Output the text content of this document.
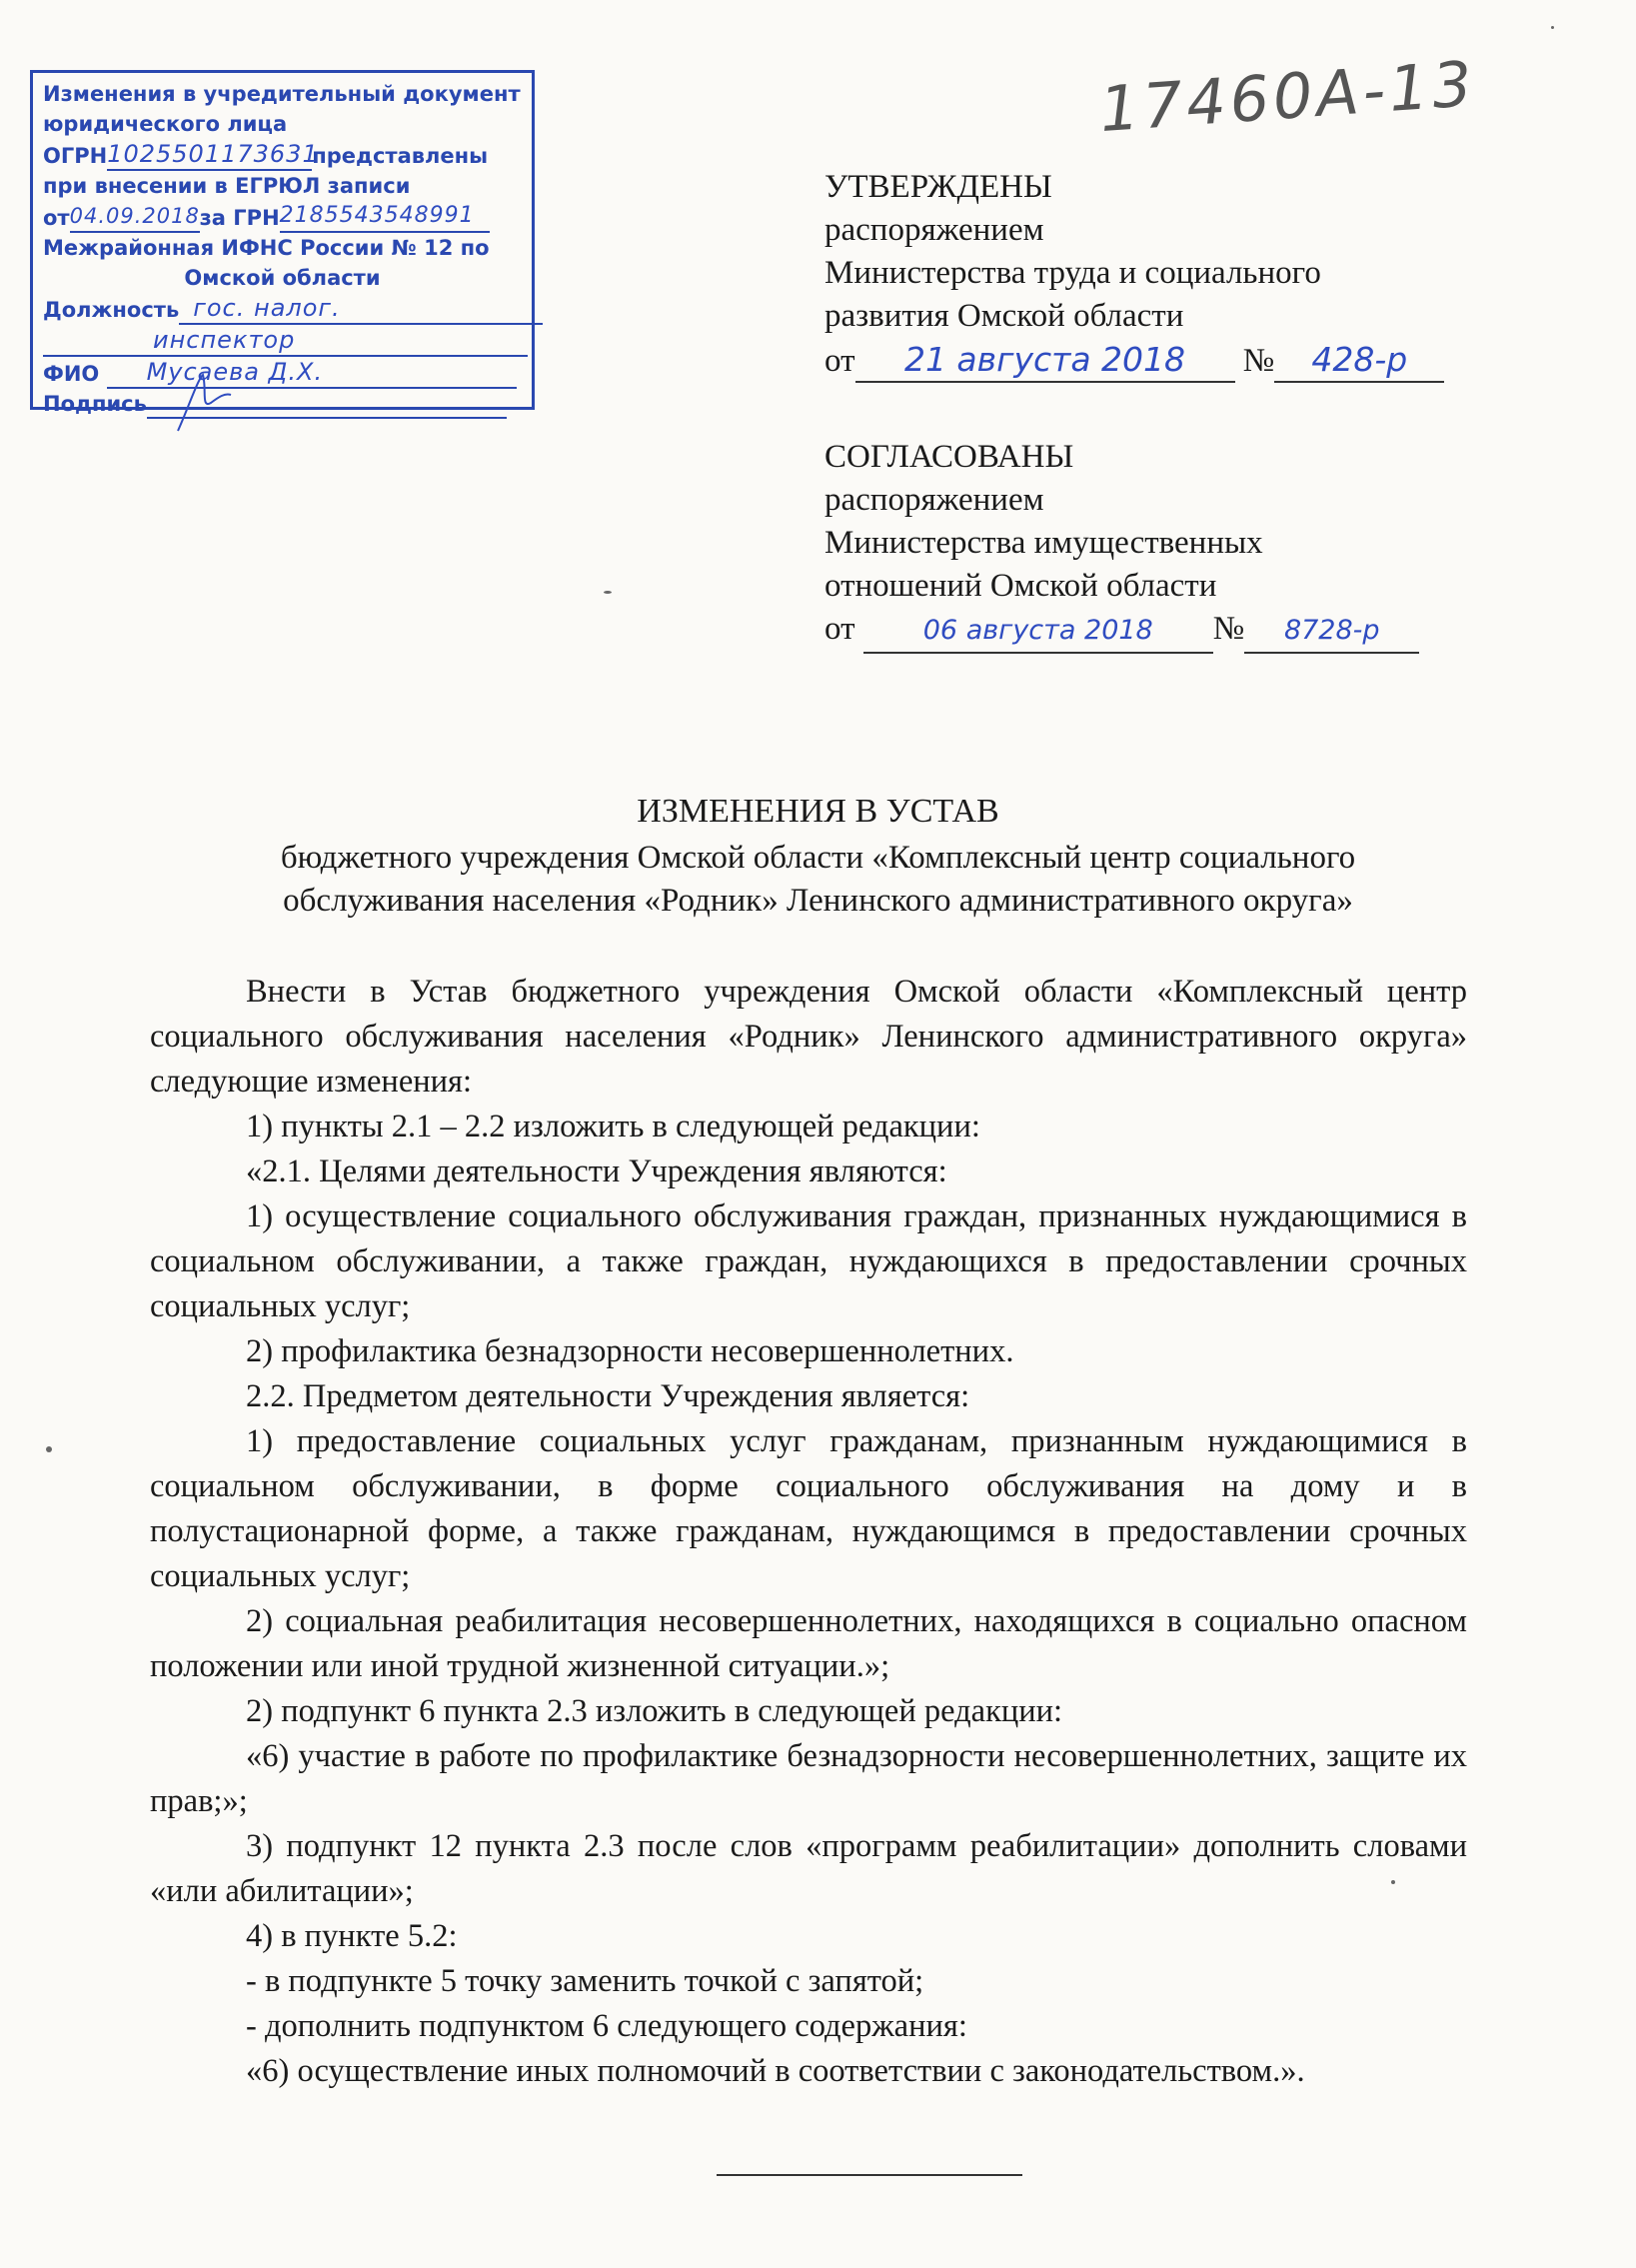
17460A-13
Изменения в учредительный документ
юридического лица
ОГРН1025501173631представлены
при внесении в ЕГРЮЛ записи
от04.09.2018за ГРН2185543548991
Межрайонная ИФНС России № 12 по
Омской области
Должность гос. налог.
инспектор
ФИО Мусаева Д.Х.
Подпись
УТВЕРЖДЕНЫ
распоряжением
Министерства труда и социального
развития Омской области
от 21 августа 2018 № 428-р
СОГЛАСОВАНЫ
распоряжением
Министерства имущественных
отношений Омской области
от	06 августа 2018 № 8728-р
ИЗМЕНЕНИЯ В УСТАВ
бюджетного учреждения Омской области «Комплексный центр социального
обслуживания населения «Родник» Ленинского административного округа»

Внести в Устав бюджетного учреждения Омской области «Комплексный центр социального обслуживания населения «Родник» Ленинского административного округа» следующие изменения:

1) пункты 2.1 – 2.2 изложить в следующей редакции:

«2.1. Целями деятельности Учреждения являются:

1) осуществление социального обслуживания граждан, признанных нуждающимися в социальном обслуживании, а также граждан, нуждающихся в предоставлении срочных социальных услуг;

2) профилактика безнадзорности несовершеннолетних.

2.2. Предметом деятельности Учреждения является:

1) предоставление социальных услуг гражданам, признанным нуждающимися в социальном обслуживании, в форме социального обслуживания на дому и в полустационарной форме, а также гражданам, нуждающимся в предоставлении срочных социальных услуг;

2) социальная реабилитация несовершеннолетних, находящихся в социально опасном положении или иной трудной жизненной ситуации.»;

2) подпункт 6 пункта 2.3 изложить в следующей редакции:

«6) участие в работе по профилактике безнадзорности несовершеннолетних, защите их прав;»;

3) подпункт 12 пункта 2.3 после слов «программ реабилитации» дополнить словами «или абилитации»;

4) в пункте 5.2:

- в подпункте 5 точку заменить точкой с запятой;

- дополнить подпунктом 6 следующего содержания:

«6) осуществление иных полномочий в соответствии с законодательством.».
